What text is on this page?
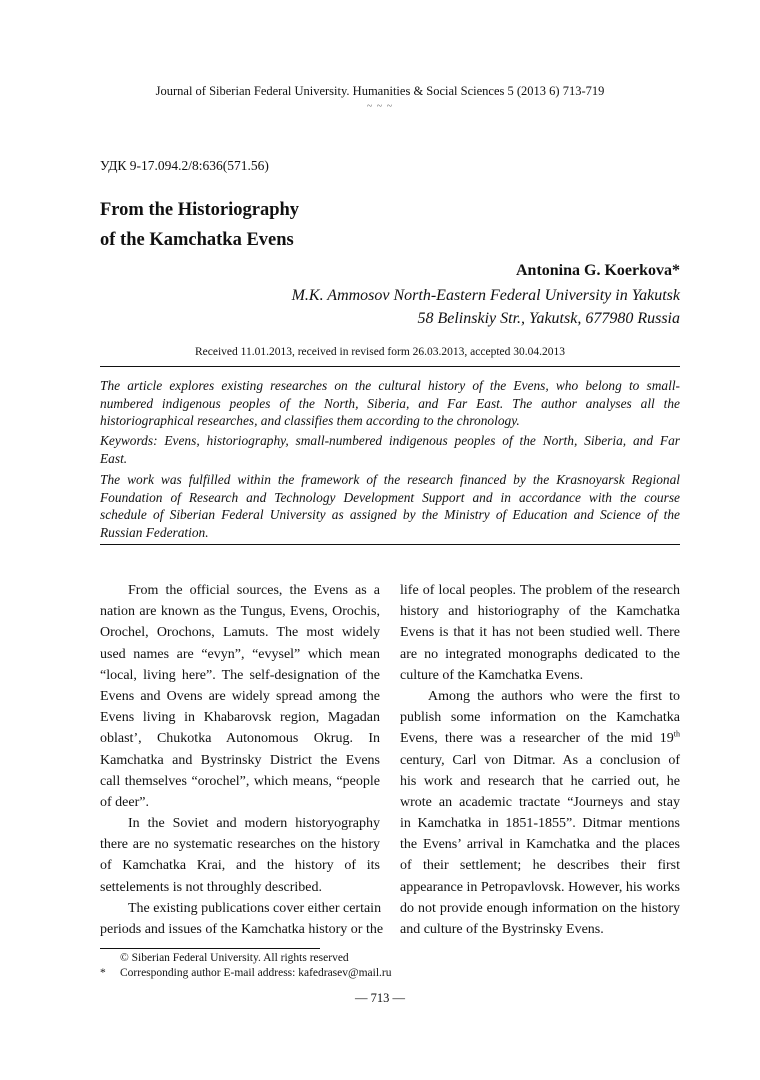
Journal of Siberian Federal University. Humanities & Social Sciences 5 (2013 6) 713-719
~ ~ ~
УДК 9-17.094.2/8:636(571.56)
From the Historiography
of the Kamchatka Evens
Antonina G. Koerkova*
M.K. Ammosov North-Eastern Federal University in Yakutsk
58 Belinskiy Str., Yakutsk, 677980 Russia
Received 11.01.2013, received in revised form 26.03.2013, accepted 30.04.2013
The article explores existing researches on the cultural history of the Evens, who belong to small-
numbered indigenous peoples of the North, Siberia, and Far East. The author analyses all the
historiographical researches, and classifies them according to the chronology.
Keywords: Evens, historiography, small-numbered indigenous peoples of the North, Siberia, and Far
East.
The work was fulfilled within the framework of the research financed by the Krasnoyarsk Regional
Foundation of Research and Technology Development Support and in accordance with the course
schedule of Siberian Federal University as assigned by the Ministry of Education and Science of the
Russian Federation.
From the official sources, the Evens as a
nation are known as the Tungus, Evens, Orochis,
Orochel, Orochons, Lamuts. The most widely
used names are “evyn”, “evysel” which mean
“local, living here”. The self-designation of the
Evens and Ovens are widely spread among the
Evens living in Khabarovsk region, Magadan
oblast’, Chukotka Autonomous Okrug. In
Kamchatka and Bystrinsky District the Evens
call themselves “orochel”, which means, “people
of deer”.
In the Soviet and modern historyography
there are no systematic researches on the history
of Kamchatka Krai, and the history of its
settelements is not throughly described.
The existing publications cover either certain
periods and issues of the Kamchatka history or the
life of local peoples. The problem of the research
history and historiography of the Kamchatka
Evens is that it has not been studied well. There
are no integrated monographs dedicated to the
culture of the Kamchatka Evens.
Among the authors who were the first to
publish some information on the Kamchatka
Evens, there was a researcher of the mid 19th
century, Carl von Ditmar. As a conclusion of
his work and research that he carried out, he
wrote an academic tractate “Journeys and stay
in Kamchatka in 1851-1855”. Ditmar mentions
the Evens’ arrival in Kamchatka and the places
of their settlement; he describes their first
appearance in Petropavlovsk. However, his works
do not provide enough information on the history
and culture of the Bystrinsky Evens.
© Siberian Federal University. All rights reserved
* Corresponding author E-mail address: kafedrasev@mail.ru
— 713 —
